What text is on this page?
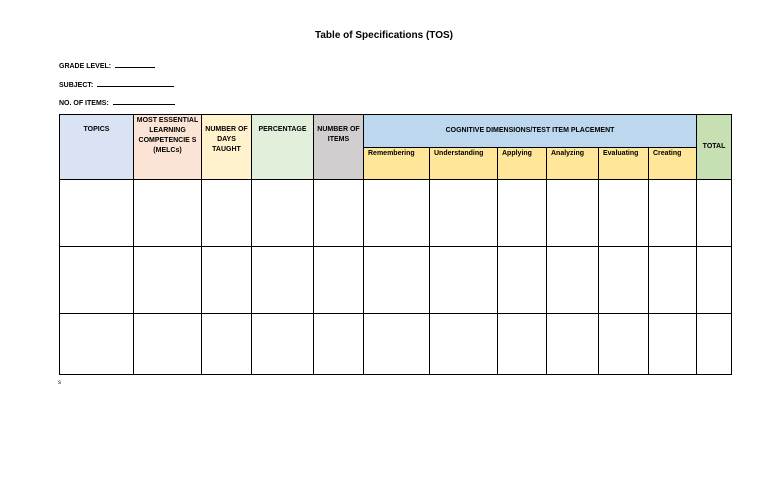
Table of Specifications (TOS)
GRADE LEVEL:
SUBJECT:
NO. OF ITEMS:
TOPICS	MOST ESSENTIAL LEARNING COMPETENCIE S (MELCs)	NUMBER OF DAYS TAUGHT	PERCENTAGE	NUMBER OF ITEMS	COGNITIVE DIMENSIONS/TEST ITEM PLACEMENT						TOTAL
					Remembering	Understanding	Applying	Analyzing	Evaluating	Creating	

s
